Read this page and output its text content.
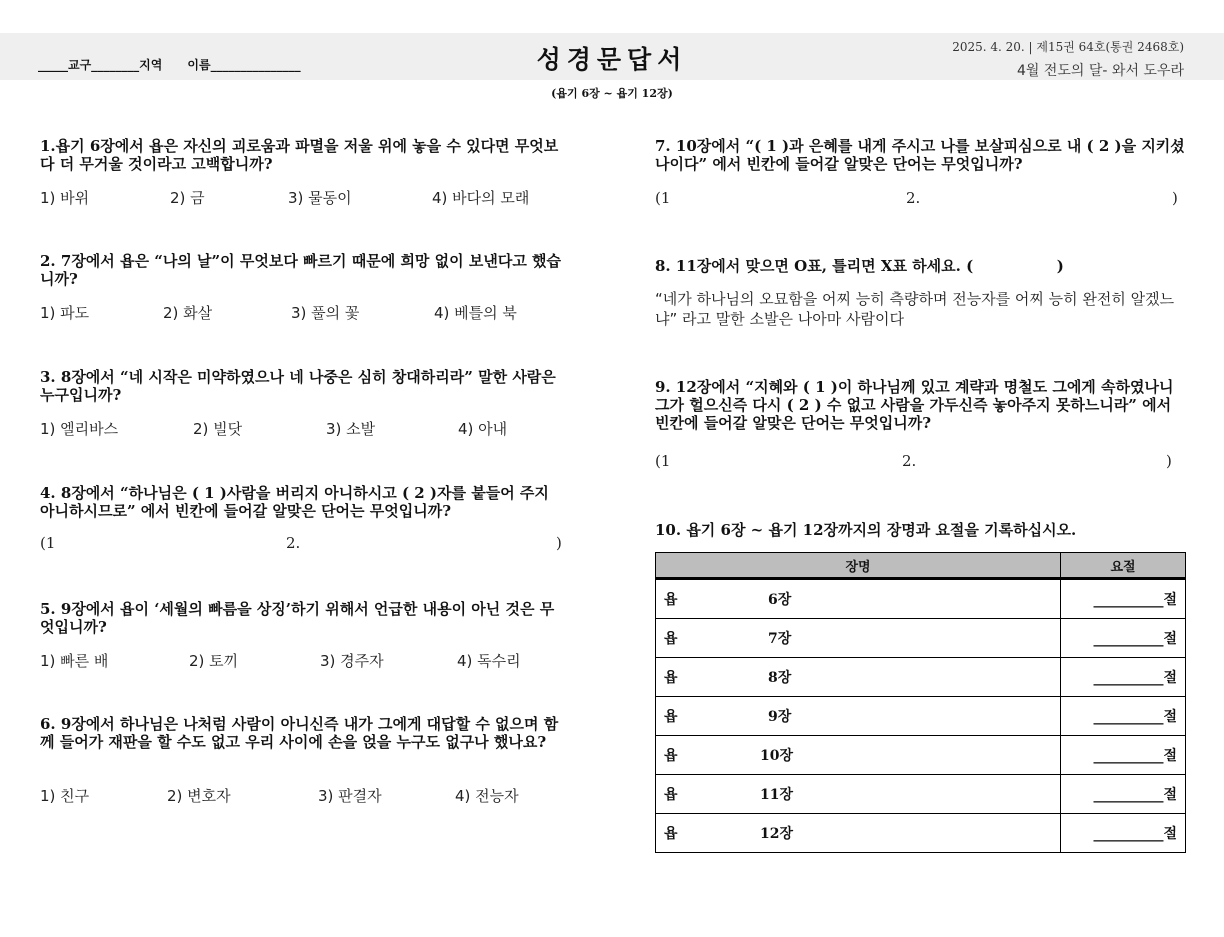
_____교구________지역      이름_______________	성경문답서	2025. 4. 20. | 제15권 64호(통권 2468호)
4월 전도의 달- 와서 도우라
(욥기 6장 ~ 욥기 12장)

1.욥기 6장에서 욥은 자신의 괴로움과 파멸을 저울 위에 놓을 수 있다면 무엇보다 더 무거울 것이라고 고백합니까?

1) 바위	2) 금	3) 물동이	4) 바다의 모래

2. 7장에서 욥은 “나의 날”이 무엇보다 빠르기 때문에 희망 없이 보낸다고 했습니까?

1) 파도	2) 화살	3) 풀의 꽃	4) 베틀의 북

3. 8장에서 “네 시작은 미약하였으나 네 나중은 심히 창대하리라” 말한 사람은 누구입니까?

1) 엘리바스	2) 빌닷	3) 소발	4) 아내

4. 8장에서 “하나님은 ( 1 )사람을 버리지 아니하시고 ( 2 )자를 붙들어 주지 아니하시므로” 에서 빈칸에 들어갈 알맞은 단어는 무엇입니까?

(1	2.	)

5. 9장에서 욥이 ‘세월의 빠름을 상징’하기 위해서 언급한 내용이 아닌 것은 무엇입니까?

1) 빠른 배	2) 토끼	3) 경주자	4) 독수리

6. 9장에서 하나님은 나처럼 사람이 아니신즉 내가 그에게 대답할 수 없으며 함께 들어가 재판을 할 수도 없고 우리 사이에 손을 얹을 누구도 없구나 했나요?

1) 친구	2) 변호자	3) 판결자	4) 전능자

7. 10장에서 “( 1 )과 은혜를 내게 주시고 나를 보살피심으로 내 ( 2 )을 지키셨나이다” 에서 빈칸에 들어갈 알맞은 단어는 무엇입니까?

(1	2.	)

8. 11장에서 맞으면 O표, 틀리면 X표 하세요. (                )

“네가 하나님의 오묘함을 어찌 능히 측량하며 전능자를 어찌 능히 완전히 알겠느냐” 라고 말한 소발은 나아마 사람이다

9. 12장에서 “지혜와 ( 1 )이 하나님께 있고 계략과 명철도 그에게 속하였나니 그가 헐으신즉 다시 ( 2 ) 수 없고 사람을 가두신즉 놓아주지 못하느니라” 에서 빈칸에 들어갈 알맞은 단어는 무엇입니까?

(1	2.	)

10. 욥기 6장 ~ 욥기 12장까지의 장명과 요절을 기록하십시오.

장명	요절
욥 6장	__________절
욥 7장	__________절
욥 8장	__________절
욥 9장	__________절
욥 10장	__________절
욥 11장	__________절
욥 12장	__________절
